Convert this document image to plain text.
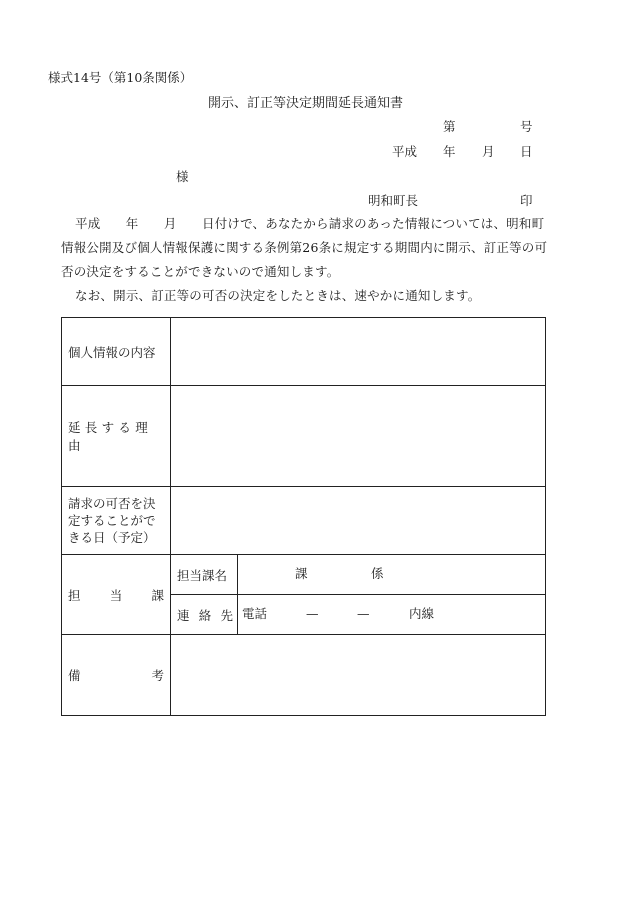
様式14号（第10条関係）
開示、訂正等決定期間延長通知書
第	号
平成 年 月 日
様
明和町長	印
平成　　年　　月　　日付けで、あなたから請求のあった情報については、明和町情報公開及び個人情報保護に関する条例第26条に規定する期間内に開示、訂正等の可否の決定をすることができないので通知します。
なお、開示、訂正等の可否の決定をしたときは、速やかに通知します。
個人情報の内容		
延長する理由		
請求の可否を決定することができる日（予定）		

担 当 課	担当課名	課 係

	連 絡 先	電話 — — 内線

備 考		
